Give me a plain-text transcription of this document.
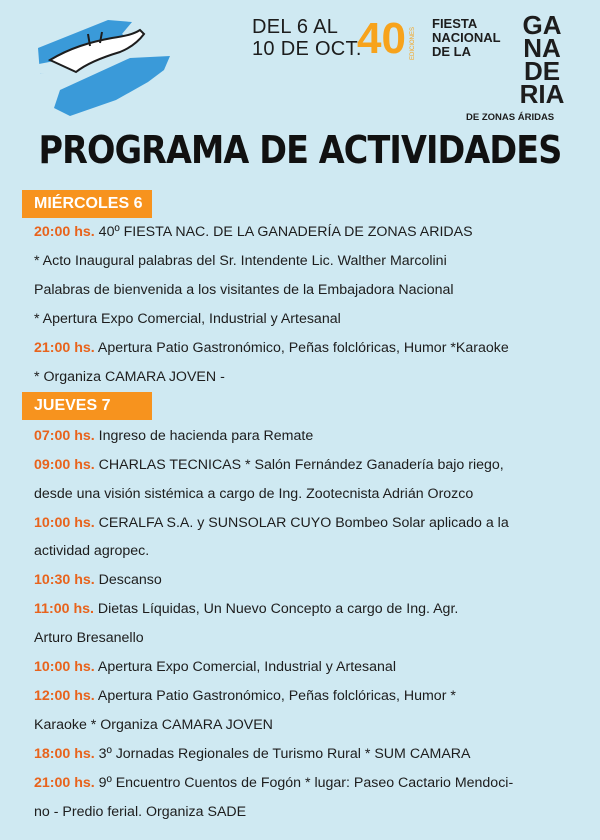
DEL 6 AL
10 DE OCT.
40 EDICIONES
FIESTA
NACIONAL
DE LA
GA
NA
DE
RIA
DE ZONAS ÁRIDAS
PROGRAMA DE ACTIVIDADES
MIÉRCOLES 6
20:00 hs. 40º FIESTA NAC. DE LA GANADERÍA DE ZONAS ARIDAS
* Acto Inaugural palabras del Sr. Intendente Lic. Walther Marcolini
Palabras de bienvenida a los visitantes de la Embajadora Nacional
* Apertura Expo Comercial, Industrial y Artesanal
21:00 hs. Apertura Patio Gastronómico, Peñas folclóricas, Humor *Karaoke
* Organiza CAMARA JOVEN -
JUEVES 7
07:00 hs. Ingreso de hacienda para Remate
09:00 hs. CHARLAS TECNICAS * Salón Fernández Ganadería bajo riego,
desde una visión sistémica a cargo de Ing. Zootecnista Adrián Orozco
10:00 hs. CERALFA S.A. y SUNSOLAR CUYO Bombeo Solar aplicado a la
actividad agropec.
10:30 hs. Descanso
11:00 hs. Dietas Líquidas, Un Nuevo Concepto a cargo de Ing. Agr.
Arturo Bresanello
10:00 hs. Apertura Expo Comercial, Industrial y Artesanal
12:00 hs. Apertura Patio Gastronómico, Peñas folclóricas, Humor *
Karaoke * Organiza CAMARA JOVEN
18:00 hs. 3º Jornadas Regionales de Turismo Rural * SUM CAMARA
21:00 hs. 9º Encuentro Cuentos de Fogón * lugar: Paseo Cactario Mendoci-
no - Predio ferial. Organiza SADE
